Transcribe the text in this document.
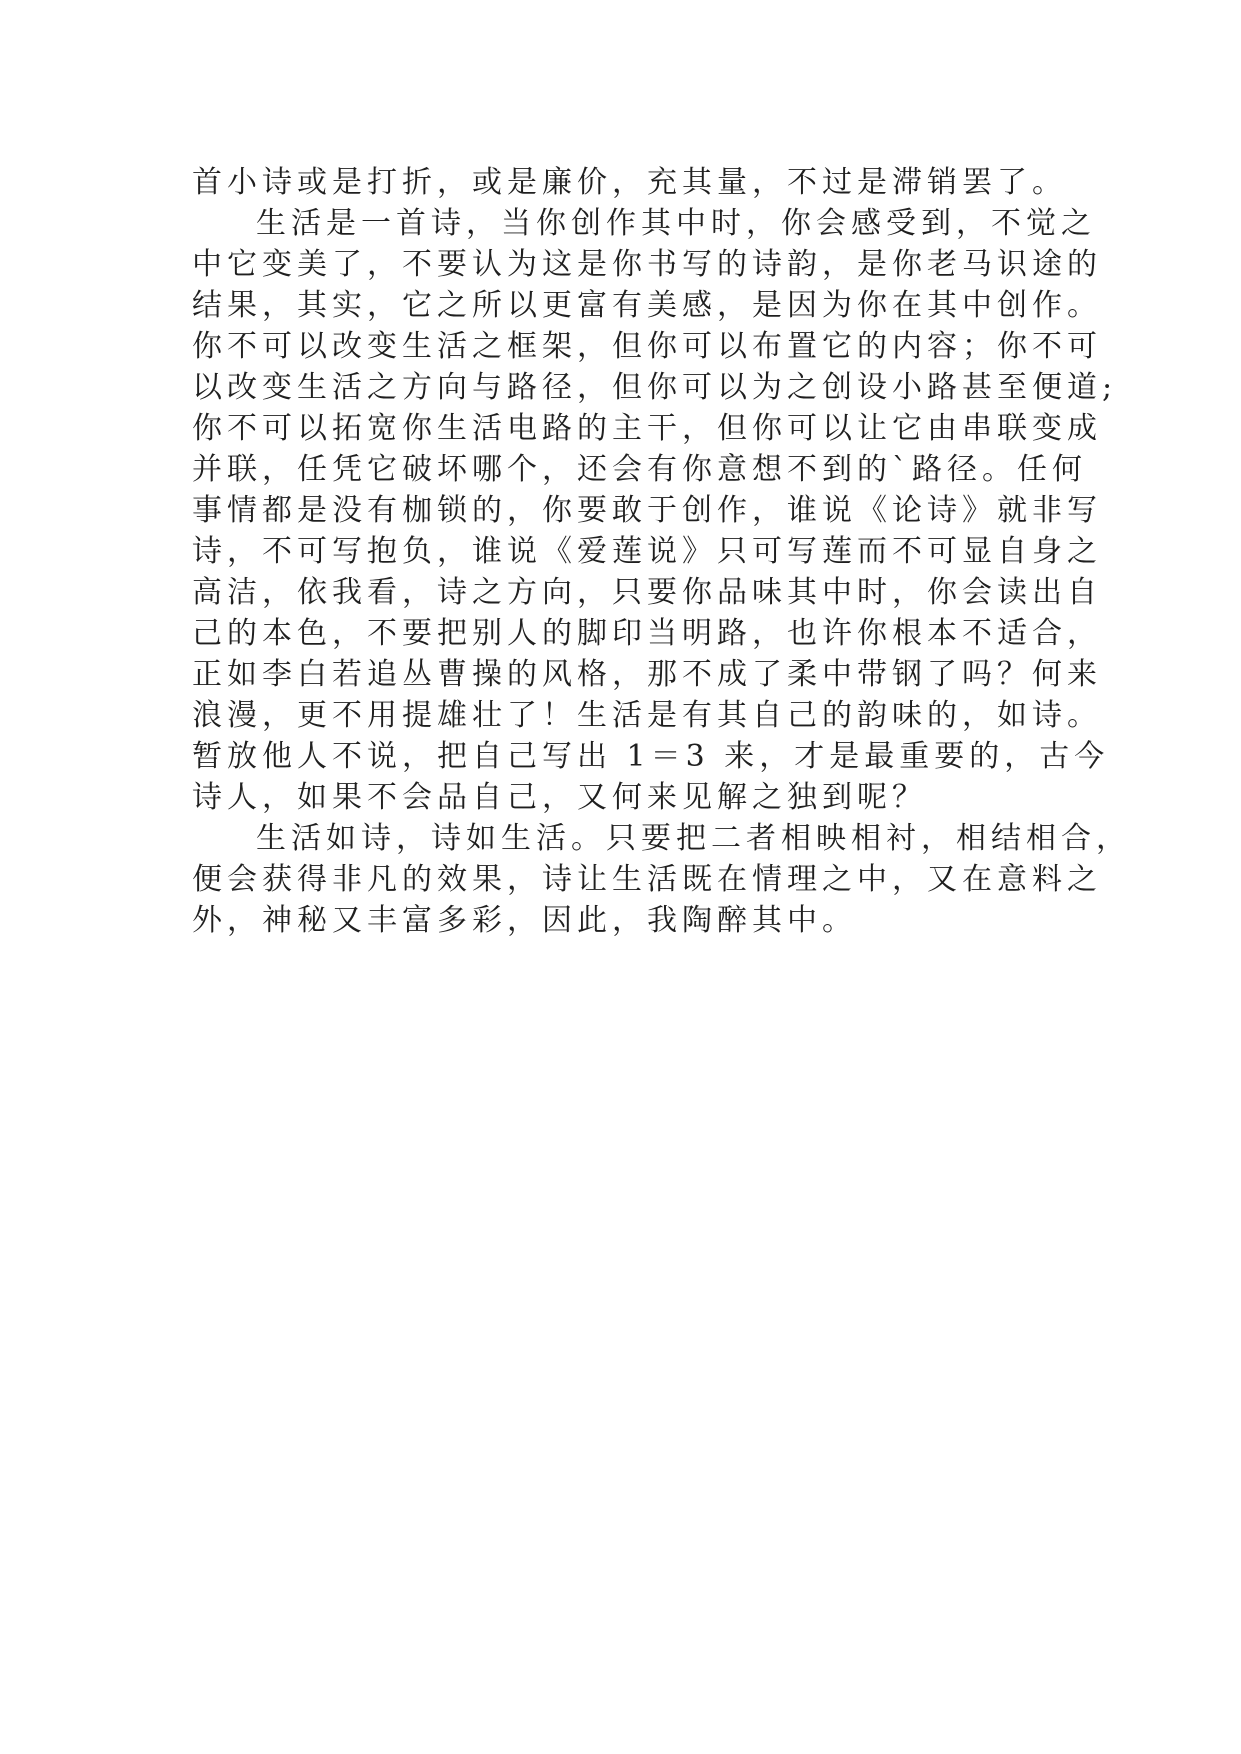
首小诗或是打折，或是廉价，充其量，不过是滞销罢了。
生活是一首诗，当你创作其中时，你会感受到，不觉之
中它变美了，不要认为这是你书写的诗韵，是你老马识途的
结果，其实，它之所以更富有美感，是因为你在其中创作。
你不可以改变生活之框架，但你可以布置它的内容；你不可
以改变生活之方向与路径，但你可以为之创设小路甚至便道;
你不可以拓宽你生活电路的主干，但你可以让它由串联变成
并联，任凭它破坏哪个，还会有你意想不到的`路径。任何
事情都是没有枷锁的，你要敢于创作，谁说《论诗》就非写
诗，不可写抱负，谁说《爱莲说》只可写莲而不可显自身之
高洁，依我看，诗之方向，只要你品味其中时，你会读出自
己的本色，不要把别人的脚印当明路，也许你根本不适合，
正如李白若追丛曹操的风格，那不成了柔中带钢了吗？何来
浪漫，更不用提雄壮了！生活是有其自己的韵味的，如诗。
暂放他人不说，把自己写出 1＝3 来，才是最重要的，古今
诗人，如果不会品自己，又何来见解之独到呢？
生活如诗，诗如生活。只要把二者相映相衬，相结相合，
便会获得非凡的效果，诗让生活既在情理之中，又在意料之
外，神秘又丰富多彩，因此，我陶醉其中。
